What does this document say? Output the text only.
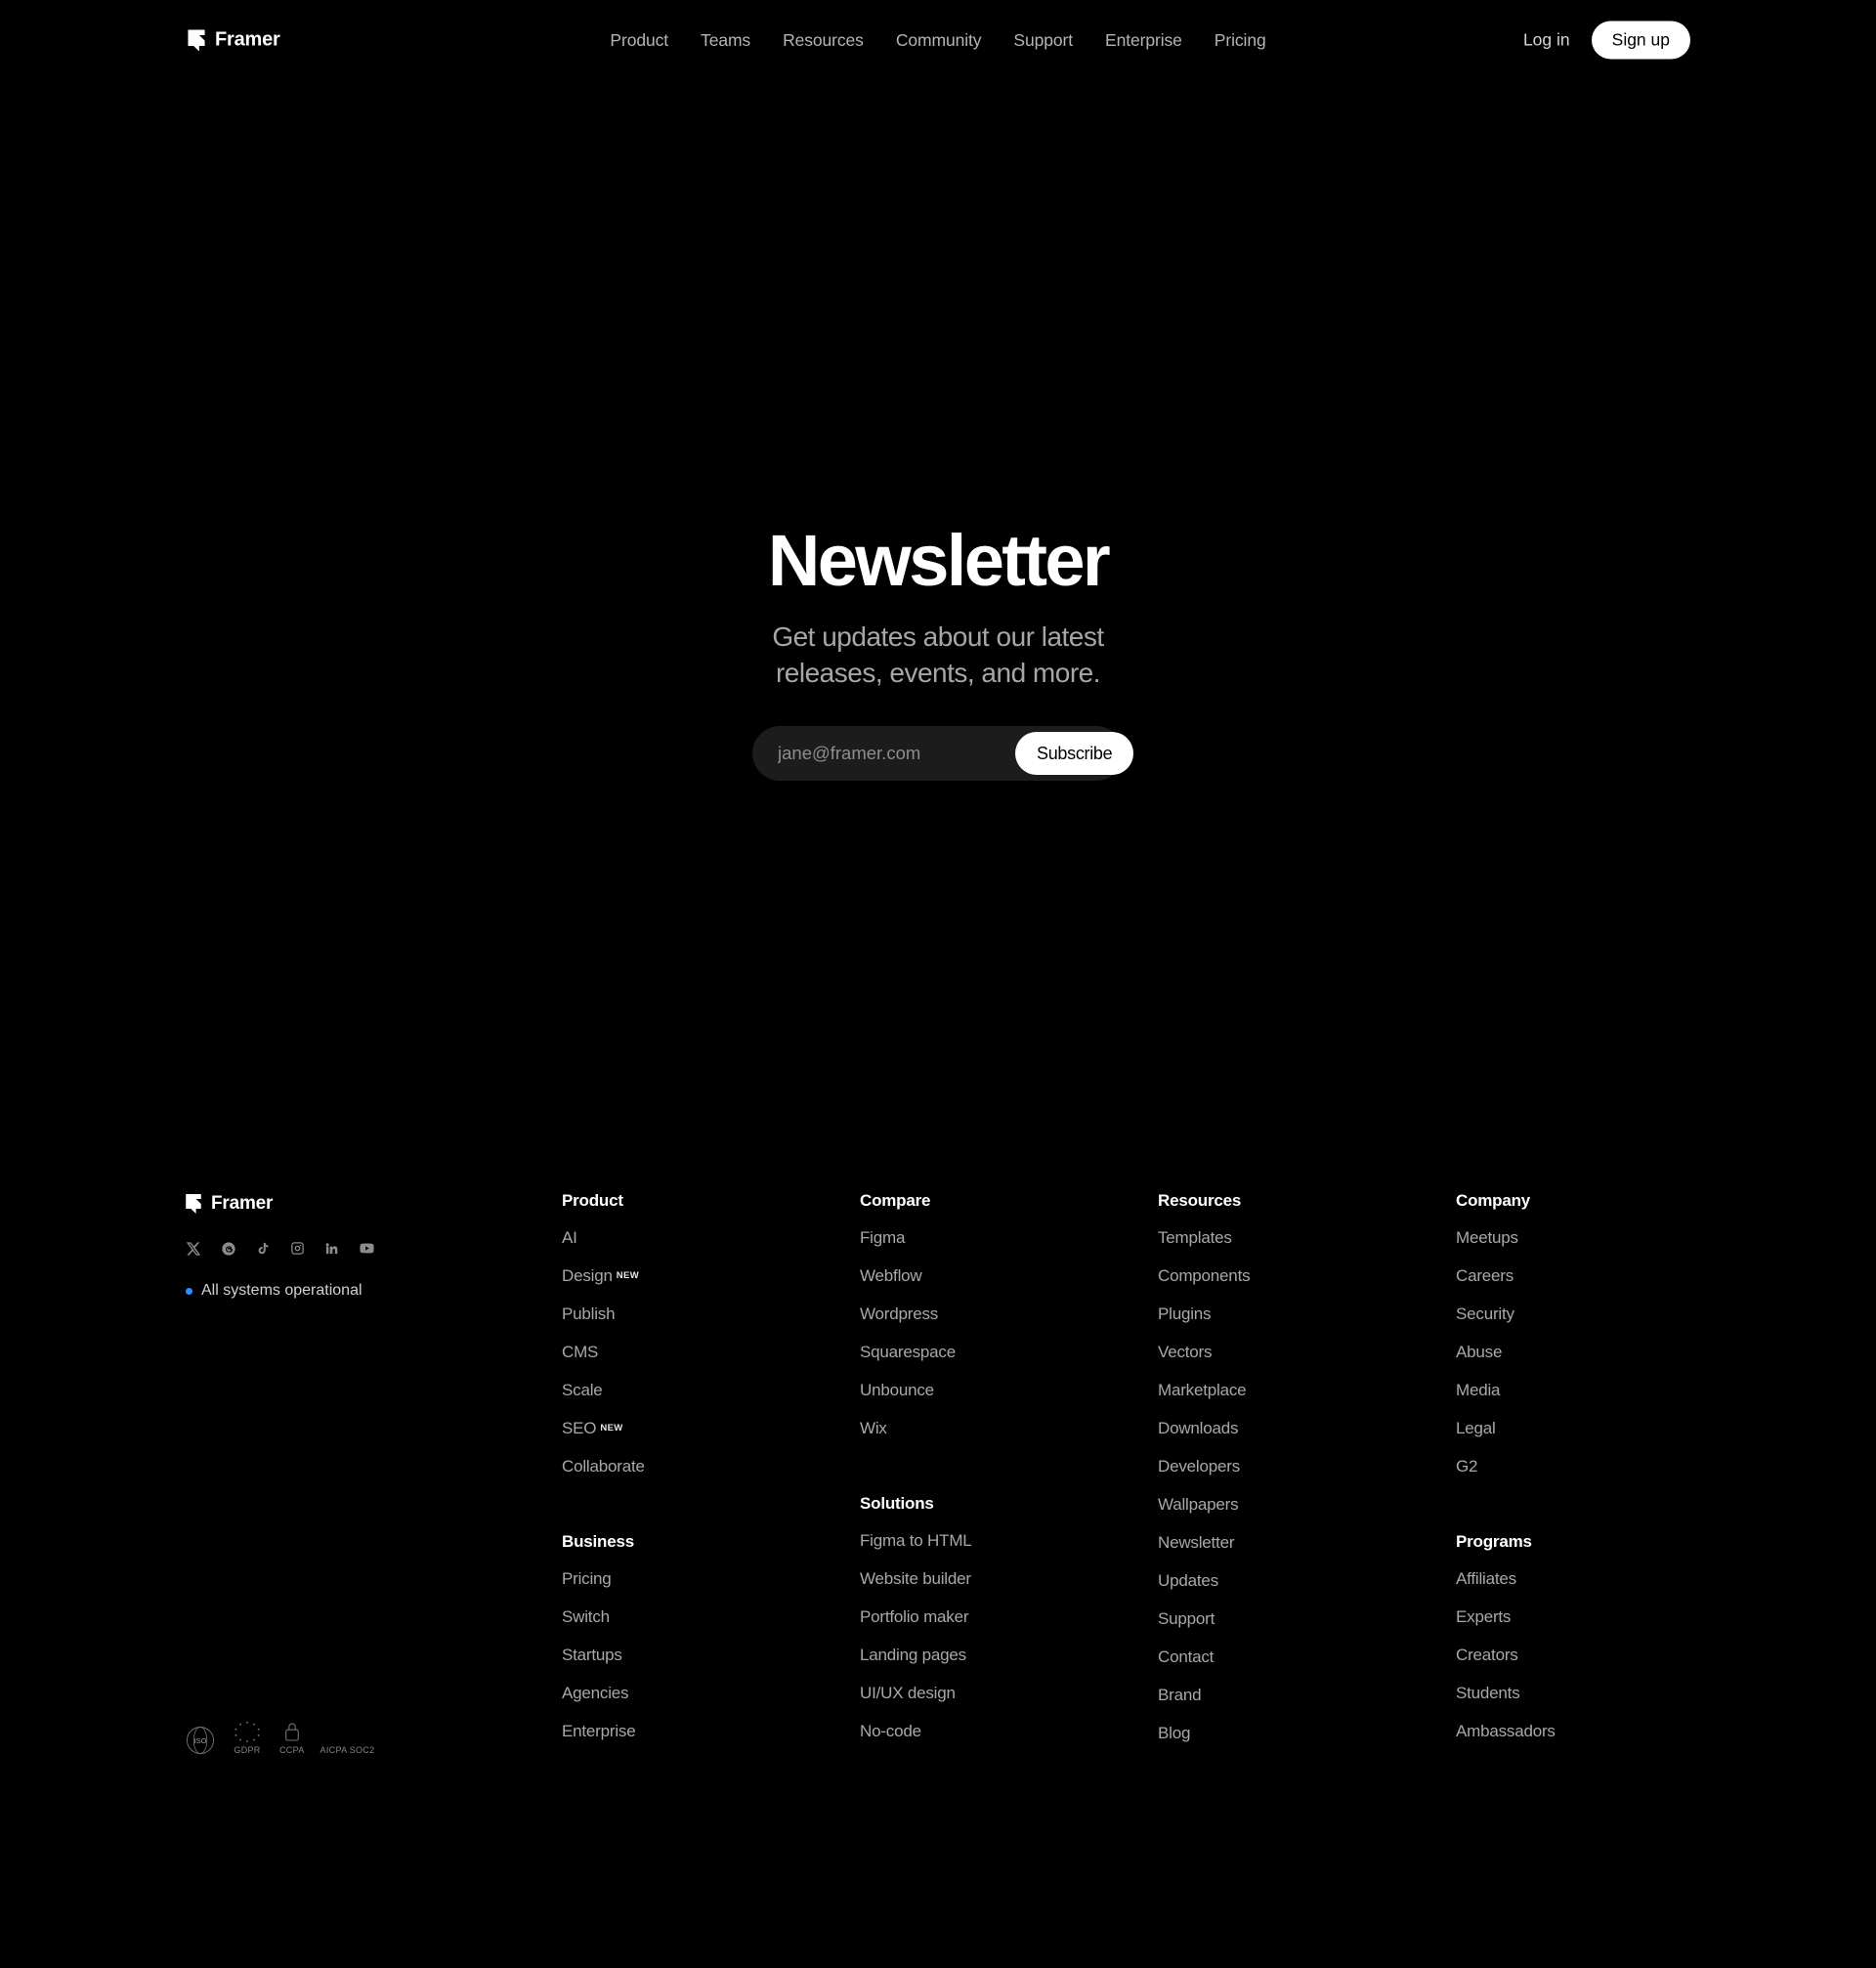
Framer	Product Teams Resources Community Support Enterprise Pricing	Log in	Sign up
Newsletter

Get updates about our latest releases, events, and more.

jane@framer.com
Subscribe
Framer
All systems operational
ISO
GDPR CCPA AICPA SOC2
Product
AI
Design NEW
Publish
CMS
Scale
SEO NEW
Collaborate
Business
Pricing
Switch
Startups
Agencies
Enterprise
Compare
Figma
Webflow
Wordpress
Squarespace
Unbounce
Wix
Solutions
Figma to HTML
Website builder
Portfolio maker
Landing pages
UI/UX design
No-code
Resources
Templates
Components
Plugins
Vectors
Marketplace
Downloads
Developers
Wallpapers
Newsletter
Updates
Support
Contact
Brand
Blog
Company
Meetups
Careers
Security
Abuse
Media
Legal
G2
Programs
Affiliates
Experts
Creators
Students
Ambassadors
